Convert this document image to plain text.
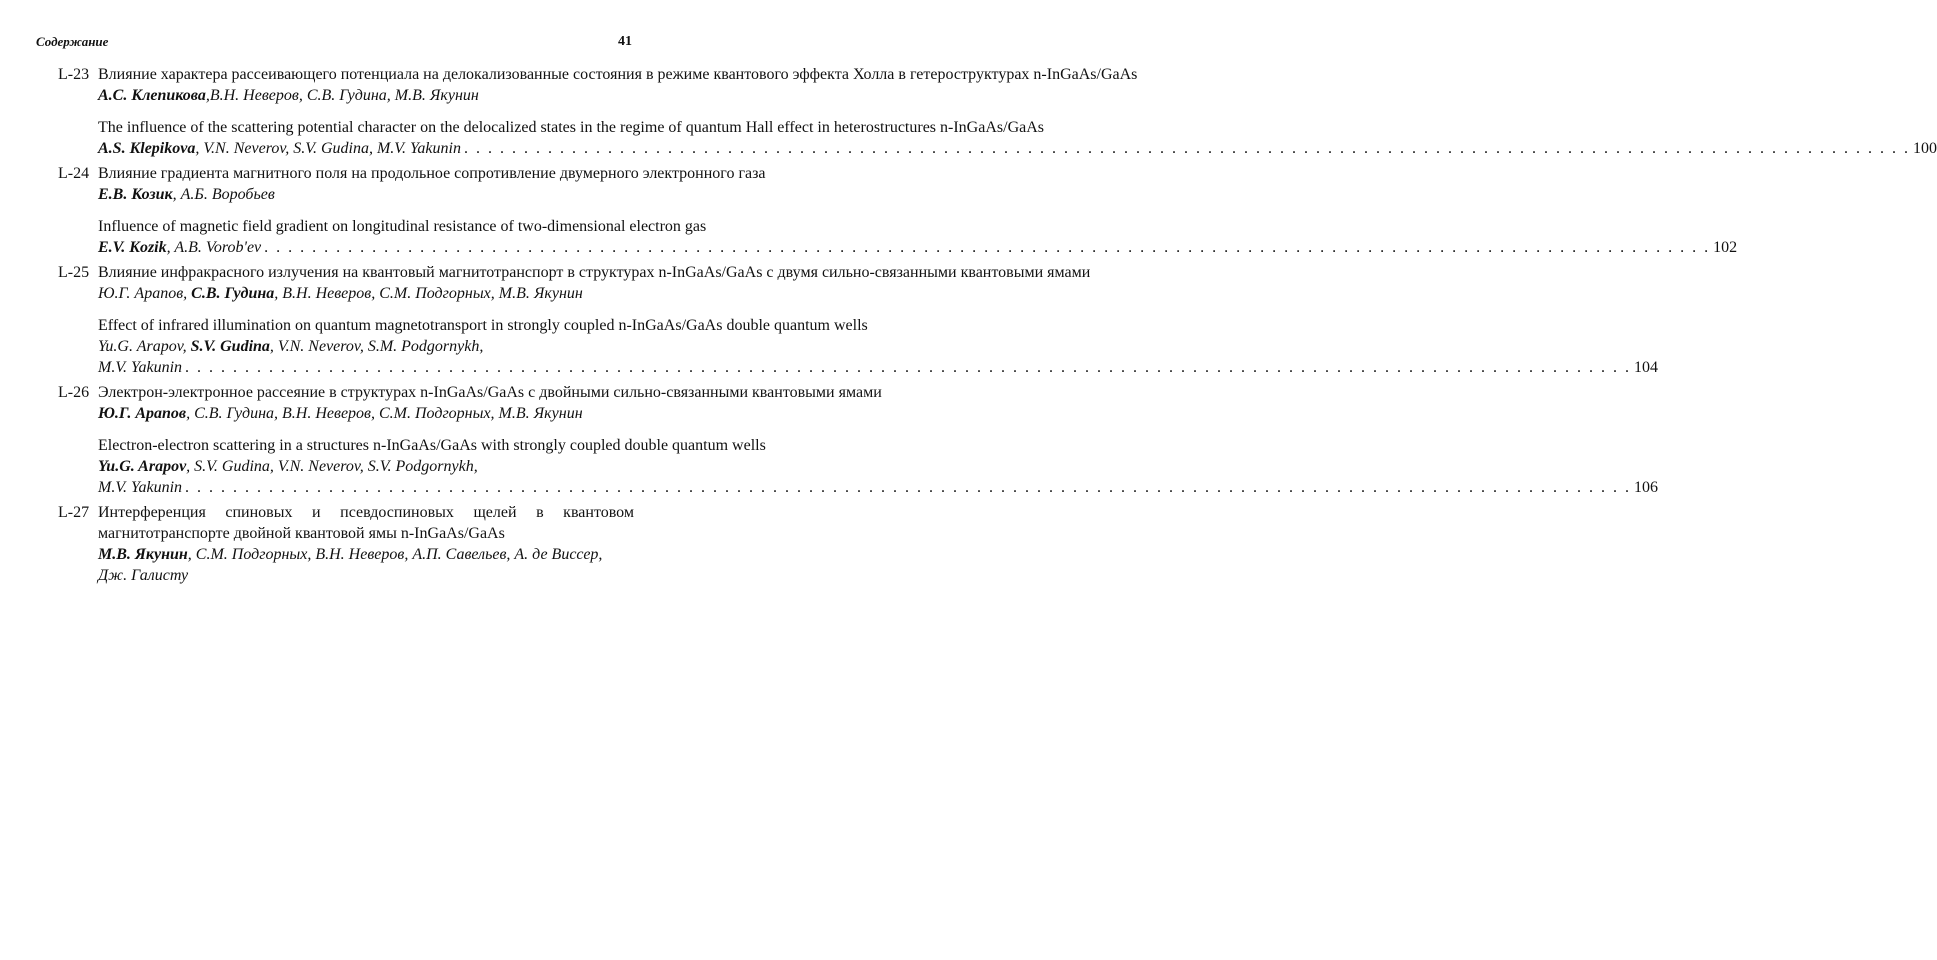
Содержание	41
L-23 Влияние характера рассеивающего потенциала на делокализованные состояния в режиме квантового эффекта Холла в гетероструктурах n-InGaAs/GaAs
А.С. Клепикова,В.Н. Неверов, С.В. Гудина, М.В. Якунин
The influence of the scattering potential character on the delocalized states in the regime of quantum Hall effect in heterostructures n-InGaAs/GaAs
A.S. Klepikova, V.N. Neverov, S.V. Gudina, M.V. Yakunin . . .	100
L-24 Влияние градиента магнитного поля на продольное сопротивление двумерного электронного газа
Е.В. Козик, А.Б. Воробьев
Influence of magnetic field gradient on longitudinal resistance of two-dimensional electron gas
E.V. Kozik, A.B. Vorob'ev . . .	102
L-25 Влияние инфракрасного излучения на квантовый магнитотранспорт в структурах n-InGaAs/GaAs с двумя сильно-связанными квантовыми ямами
Ю.Г. Арапов, С.В. Гудина, В.Н. Неверов, С.М. Подгорных, М.В. Якунин
Effect of infrared illumination on quantum magnetotransport in strongly coupled n-InGaAs/GaAs double quantum wells
Yu.G. Arapov, S.V. Gudina, V.N. Neverov, S.M. Podgornykh,
M.V. Yakunin . . .	104
L-26 Электрон-электронное рассеяние в структурах n-InGaAs/GaAs с двойными сильно-связанными квантовыми ямами
Ю.Г. Арапов, С.В. Гудина, В.Н. Неверов, С.М. Подгорных, М.В. Якунин
Electron-electron scattering in a structures n-InGaAs/GaAs with strongly coupled double quantum wells
Yu.G. Arapov, S.V. Gudina, V.N. Neverov, S.V. Podgornykh,
M.V. Yakunin . . .	106
L-27 Интерференция спиновых и псевдоспиновых щелей в квантовом магнитотранспорте двойной квантовой ямы n-InGaAs/GaAs
М.В. Якунин, С.М. Подгорных, В.Н. Неверов, А.П. Савельев, А. де Виссер, Дж. Галисту
